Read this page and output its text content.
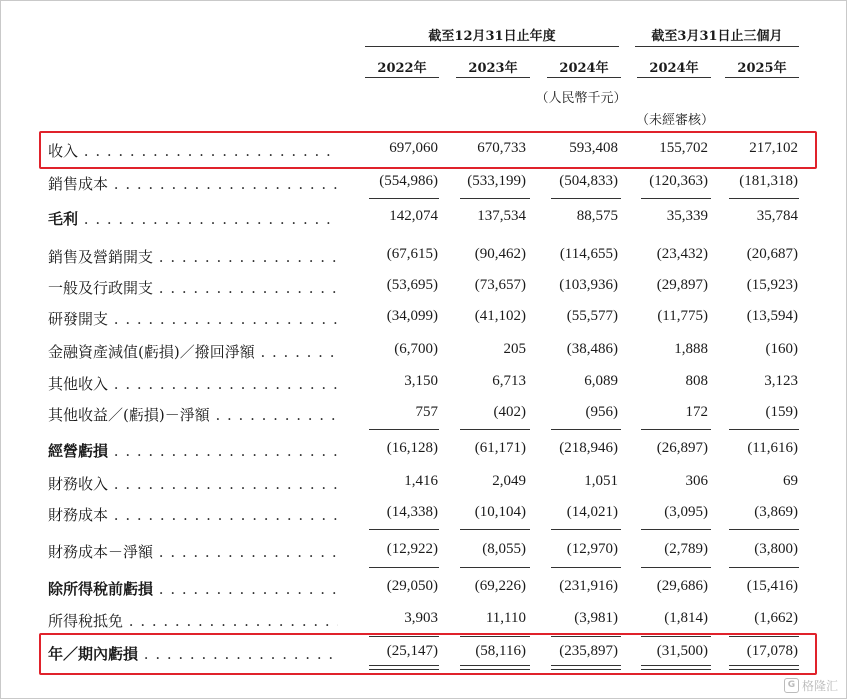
截至12月31日止年度	截至3月31日止三個月
2022年	2023年	2024年	2024年	2025年
（人民幣千元）
（未經審核）
收入 . . .	697,060	670,733	593,408	155,702	217,102
銷售成本 . . .	(554,986) (533,199) (504,833) (120,363) (181,318)
毛利 . . .	142,074	137,534	88,575	35,339	35,784
銷售及營銷開支 . . .	(67,615) (90,462) (114,655)	(23,432)	(20,687)
一般及行政開支 . . .	(53,695) (73,657) (103,936)	(29,897)	(15,923)
研發開支 . . .	(34,099) (41,102)	(55,577)	(11,775)	(13,594)
金融資產減值(虧損)／撥回淨額 . . .	(6,700)	205	(38,486)	1,888	(160)
其他收入 . . .	3,150	6,713	6,089	808	3,123
其他收益／(虧損)－淨額 . . .	757	(402)	(956)	172	(159)
經營虧損 . . .	(16,128) (61,171) (218,946)	(26,897)	(11,616)
財務收入 . . .	1,416	2,049	1,051	306	69
財務成本 . . .	(14,338) (10,104)	(14,021)	(3,095)	(3,869)
財務成本－淨額 . . .	(12,922)	(8,055)	(12,970)	(2,789)	(3,800)
除所得稅前虧損 . . .	(29,050) (69,226) (231,916)	(29,686)	(15,416)
所得稅抵免 . . .	3,903	11,110	(3,981)	(1,814)	(1,662)
年／期內虧損 . . .	(25,147) (58,116) (235,897)	(31,500)	(17,078)
G 格隆汇
